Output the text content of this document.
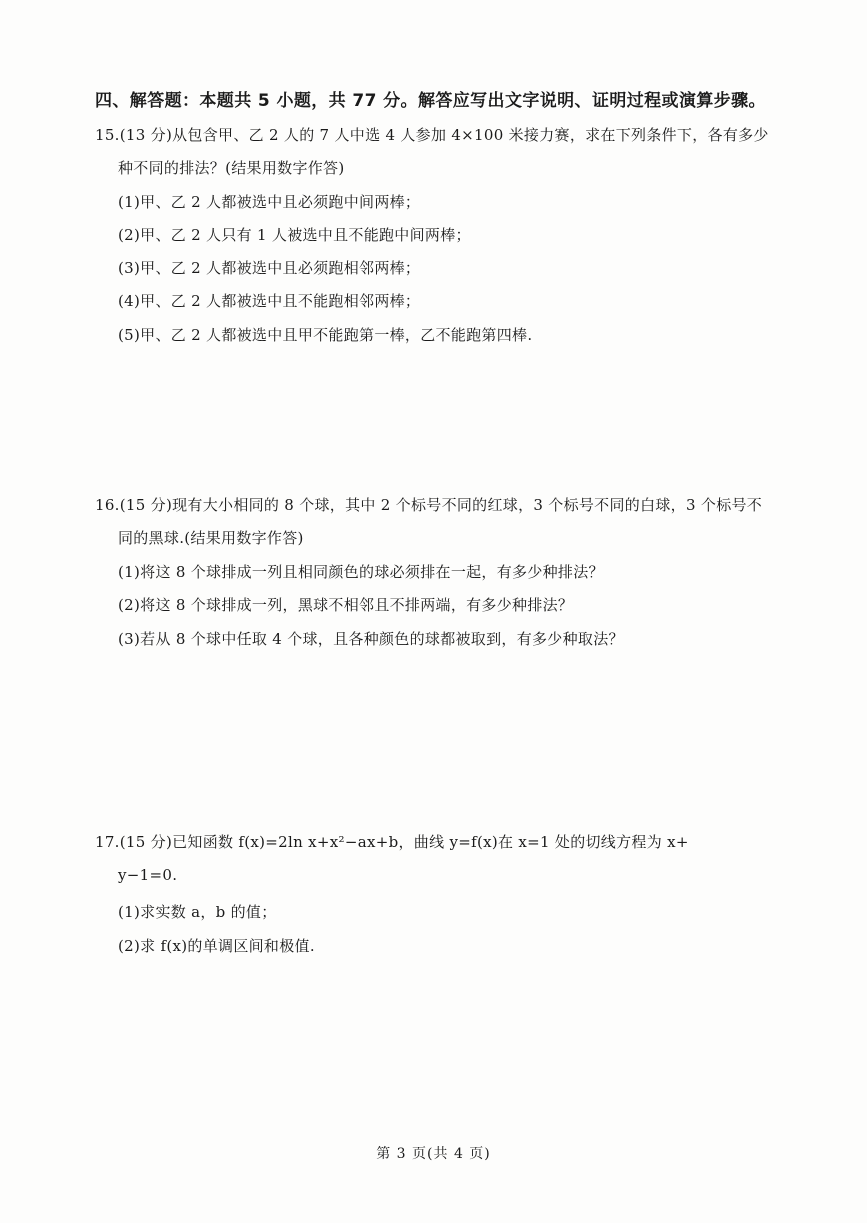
四、解答题：本题共 5 小题，共 77 分。解答应写出文字说明、证明过程或演算步骤。
15.(13 分)从包含甲、乙 2 人的 7 人中选 4 人参加 4×100 米接力赛，求在下列条件下，各有多少
种不同的排法？(结果用数字作答)
(1)甲、乙 2 人都被选中且必须跑中间两棒；
(2)甲、乙 2 人只有 1 人被选中且不能跑中间两棒；
(3)甲、乙 2 人都被选中且必须跑相邻两棒；
(4)甲、乙 2 人都被选中且不能跑相邻两棒；
(5)甲、乙 2 人都被选中且甲不能跑第一棒，乙不能跑第四棒.
16.(15 分)现有大小相同的 8 个球，其中 2 个标号不同的红球，3 个标号不同的白球，3 个标号不
同的黑球.(结果用数字作答)
(1)将这 8 个球排成一列且相同颜色的球必须排在一起，有多少种排法？
(2)将这 8 个球排成一列，黑球不相邻且不排两端，有多少种排法？
(3)若从 8 个球中任取 4 个球，且各种颜色的球都被取到，有多少种取法？
17.(15 分)已知函数 f(x)=2ln x+x²−ax+b，曲线 y=f(x)在 x=1 处的切线方程为 x+
y−1=0.
(1)求实数 a，b 的值；
(2)求 f(x)的单调区间和极值.
第 3 页(共 4 页)
